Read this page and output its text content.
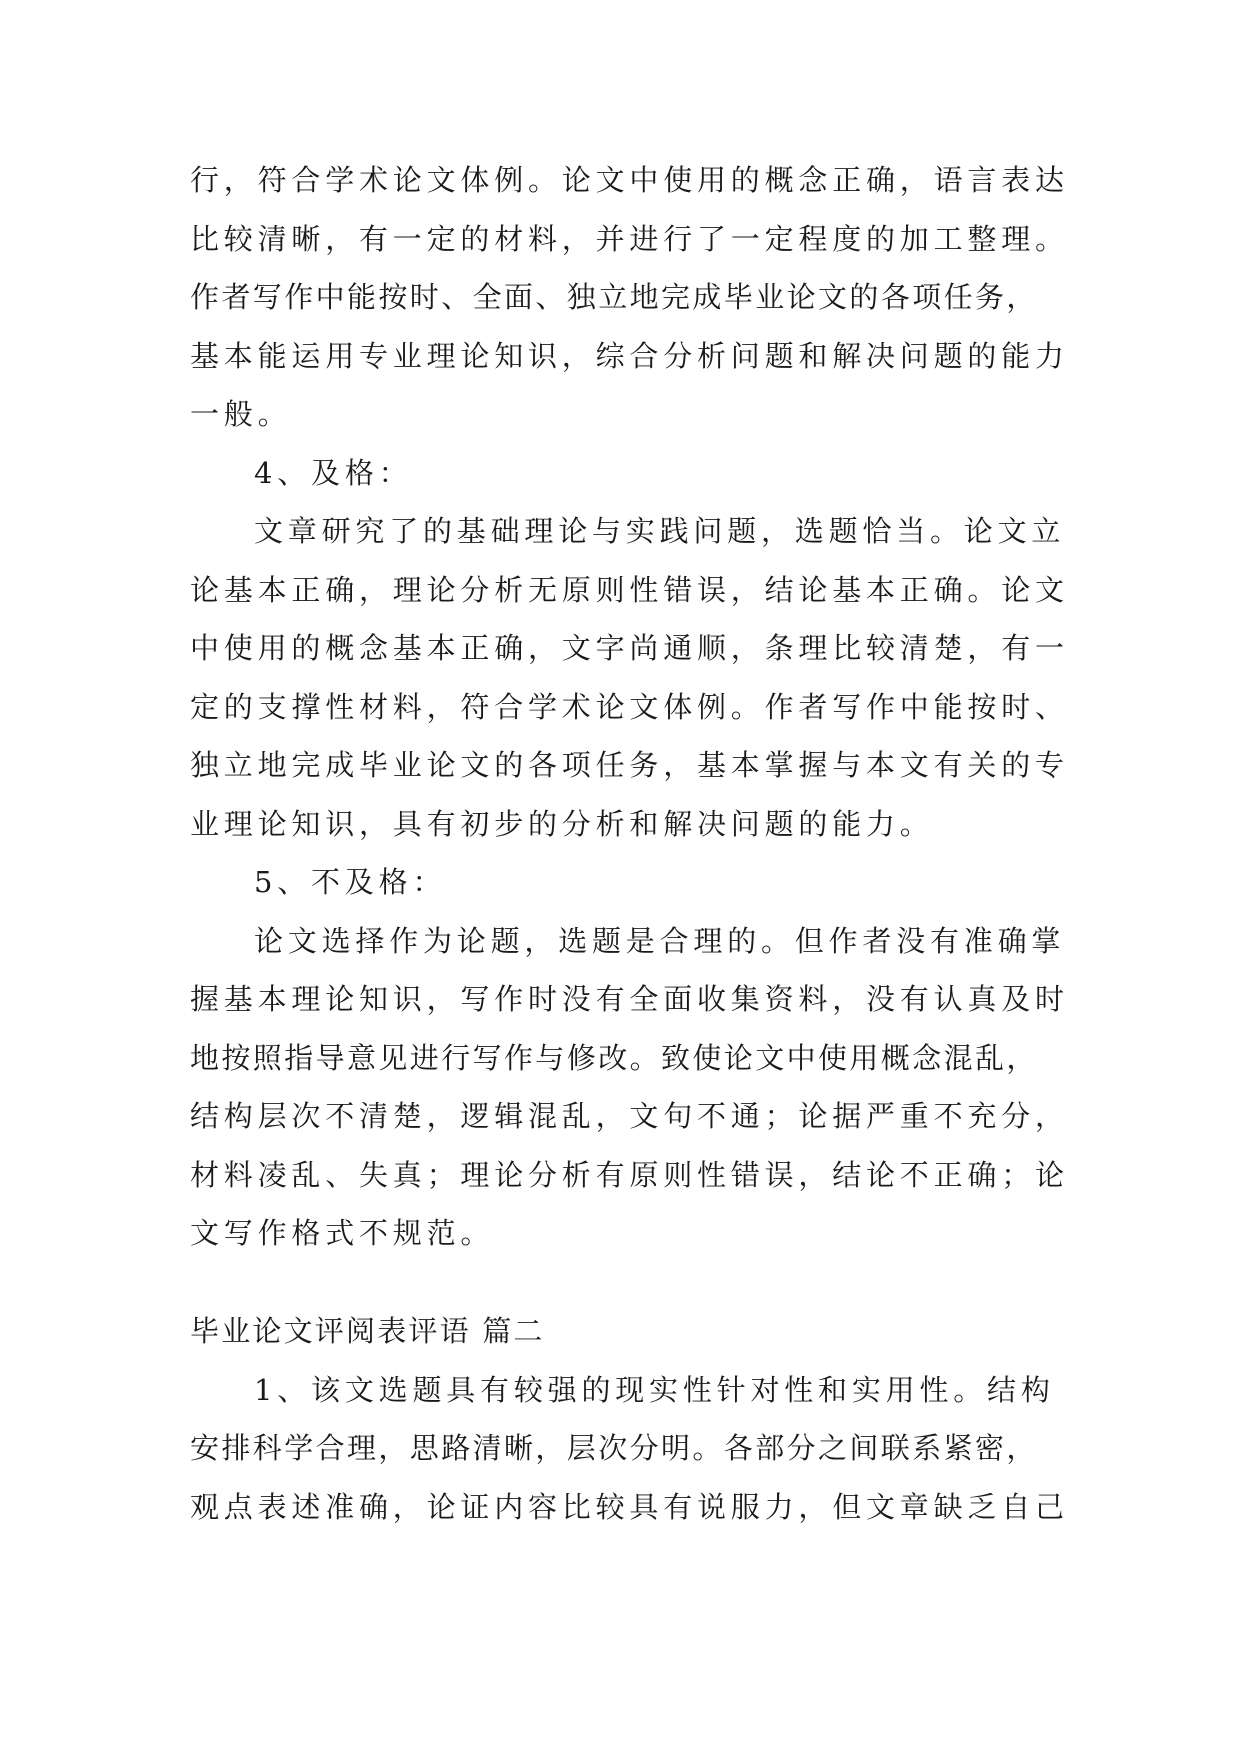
行，符合学术论文体例。论文中使用的概念正确，语言表达
比较清晰，有一定的材料，并进行了一定程度的加工整理。
作者写作中能按时、全面、独立地完成毕业论文的各项任务，
基本能运用专业理论知识，综合分析问题和解决问题的能力
一般。
4、及格：
文章研究了的基础理论与实践问题，选题恰当。论文立
论基本正确，理论分析无原则性错误，结论基本正确。论文
中使用的概念基本正确，文字尚通顺，条理比较清楚，有一
定的支撑性材料，符合学术论文体例。作者写作中能按时、
独立地完成毕业论文的各项任务，基本掌握与本文有关的专
业理论知识，具有初步的分析和解决问题的能力。
5、不及格：
论文选择作为论题，选题是合理的。但作者没有准确掌
握基本理论知识，写作时没有全面收集资料，没有认真及时
地按照指导意见进行写作与修改。致使论文中使用概念混乱，
结构层次不清楚，逻辑混乱，文句不通；论据严重不充分，
材料凌乱、失真；理论分析有原则性错误，结论不正确；论
文写作格式不规范。
毕业论文评阅表评语 篇二
1、该文选题具有较强的现实性针对性和实用性。结构
安排科学合理，思路清晰，层次分明。各部分之间联系紧密，
观点表述准确，论证内容比较具有说服力，但文章缺乏自己
